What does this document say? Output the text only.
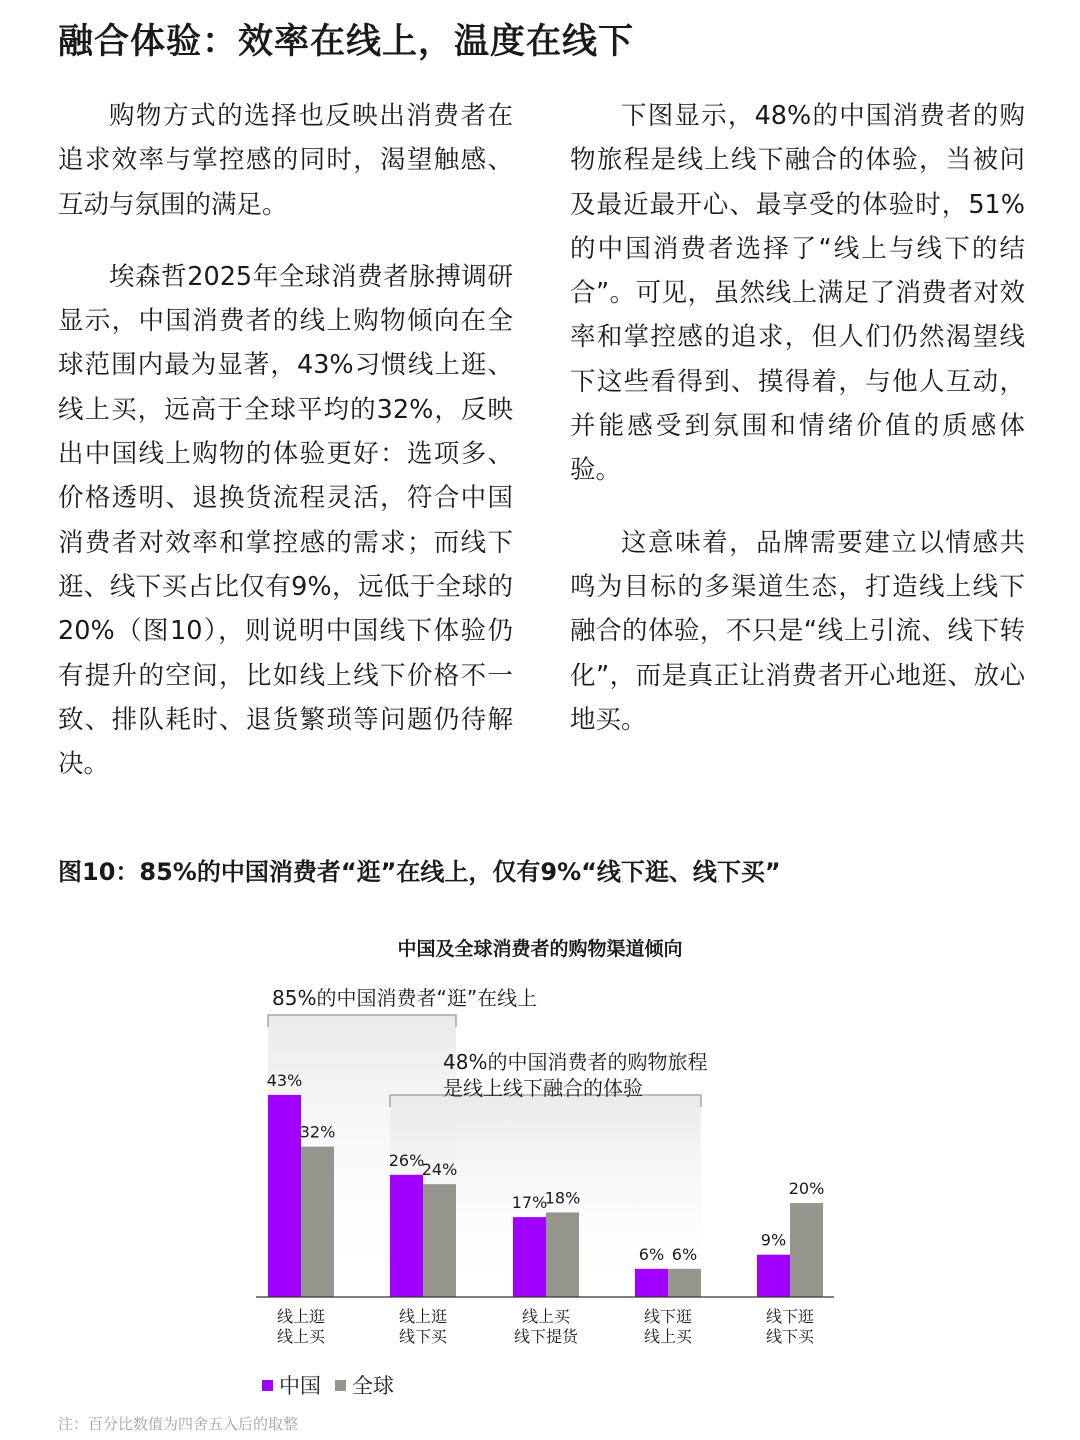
融合体验：效率在线上，温度在线下

购物方式的选择也反映出消费者在追求效率与掌控感的同时，渴望触感、互动与氛围的满足。

埃森哲2025年全球消费者脉搏调研显示，中国消费者的线上购物倾向在全球范围内最为显著，43%习惯线上逛、线上买，远高于全球平均的32%，反映出中国线上购物的体验更好：选项多、价格透明、退换货流程灵活，符合中国消费者对效率和掌控感的需求；而线下逛、线下买占比仅有9%，远低于全球的20%（图10），则说明中国线下体验仍有提升的空间，比如线上线下价格不一致、排队耗时、退货繁琐等问题仍待解决。

下图显示，48%的中国消费者的购物旅程是线上线下融合的体验，当被问及最近最开心、最享受的体验时，51%的中国消费者选择了“线上与线下的结合”。可见，虽然线上满足了消费者对效率和掌控感的追求，但人们仍然渴望线下这些看得到、摸得着，与他人互动，并能感受到氛围和情绪价值的质感体验。

这意味着，品牌需要建立以情感共鸣为目标的多渠道生态，打造线上线下融合的体验，不只是“线上引流、线下转化”，而是真正让消费者开心地逛、放心地买。

图10：85%的中国消费者“逛”在线上，仅有9%“线下逛、线下买”
中国及全球消费者的购物渠道倾向
85%的中国消费者“逛”在线上
48%的中国消费者的购物旅程
是线上线下融合的体验
43%
32%
线上逛
线上买
26%
24%
线上逛
线下买
17%
18%
线上买
线下提货
6% 6%
线下逛
线上买
9%
20%
线下逛
线下买
中国 全球
注：百分比数值为四舍五入后的取整
